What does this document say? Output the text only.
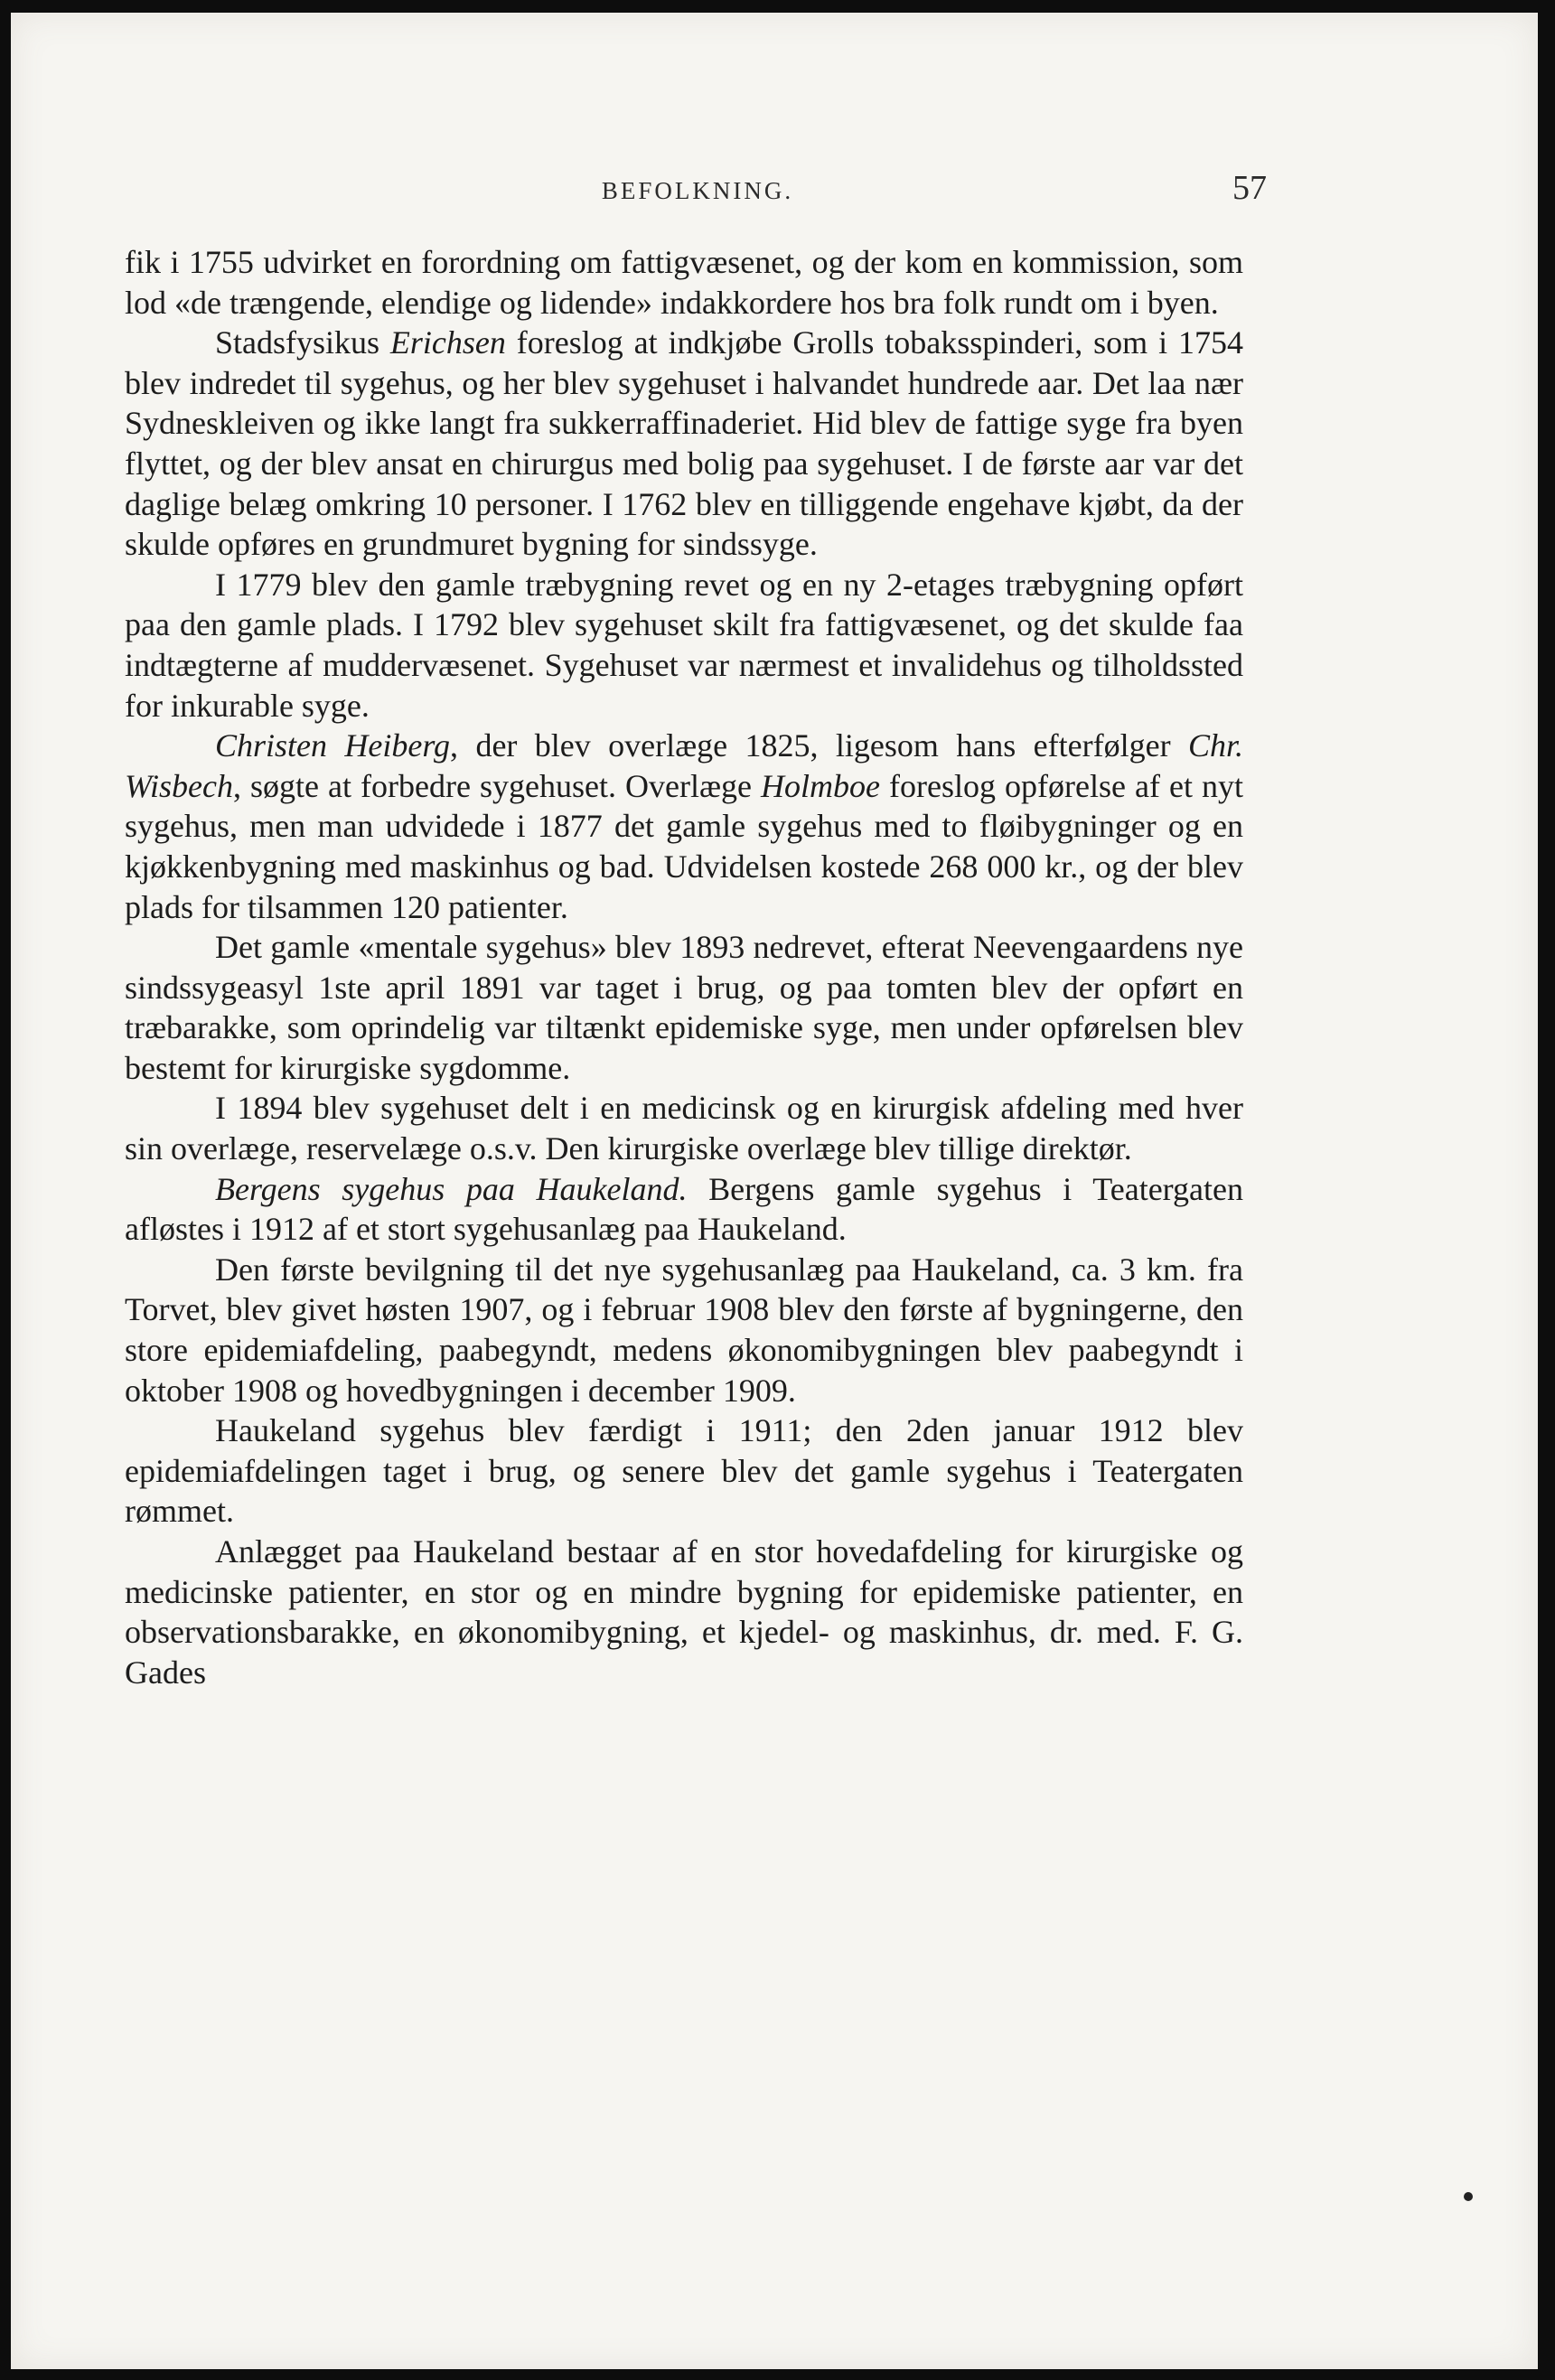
BEFOLKNING.	57

fik i 1755 udvirket en forordning om fattigvæsenet, og der kom en kommission, som lod «de trængende, elendige og lidende» indakkordere hos bra folk rundt om i byen.

Stadsfysikus Erichsen foreslog at indkjøbe Grolls tobaksspinderi, som i 1754 blev indredet til sygehus, og her blev sygehuset i halvandet hundrede aar. Det laa nær Sydneskleiven og ikke langt fra sukkerraffinaderiet. Hid blev de fattige syge fra byen flyttet, og der blev ansat en chirurgus med bolig paa sygehuset. I de første aar var det daglige belæg omkring 10 personer. I 1762 blev en tilliggende engehave kjøbt, da der skulde opføres en grundmuret bygning for sindssyge.

I 1779 blev den gamle træbygning revet og en ny 2-etages træbygning opført paa den gamle plads. I 1792 blev sygehuset skilt fra fattigvæsenet, og det skulde faa indtægterne af muddervæsenet. Sygehuset var nærmest et invalidehus og tilholdssted for inkurable syge.

Christen Heiberg, der blev overlæge 1825, ligesom hans efterfølger Chr. Wisbech, søgte at forbedre sygehuset. Overlæge Holmboe foreslog opførelse af et nyt sygehus, men man udvidede i 1877 det gamle sygehus med to fløibygninger og en kjøkkenbygning med maskinhus og bad. Udvidelsen kostede 268 000 kr., og der blev plads for tilsammen 120 patienter.

Det gamle «mentale sygehus» blev 1893 nedrevet, efterat Neevengaardens nye sindssygeasyl 1ste april 1891 var taget i brug, og paa tomten blev der opført en træbarakke, som oprindelig var tiltænkt epidemiske syge, men under opførelsen blev bestemt for kirurgiske sygdomme.

I 1894 blev sygehuset delt i en medicinsk og en kirurgisk afdeling med hver sin overlæge, reservelæge o.s.v. Den kirurgiske overlæge blev tillige direktør.

Bergens sygehus paa Haukeland. Bergens gamle sygehus i Teatergaten afløstes i 1912 af et stort sygehusanlæg paa Haukeland.

Den første bevilgning til det nye sygehusanlæg paa Haukeland, ca. 3 km. fra Torvet, blev givet høsten 1907, og i februar 1908 blev den første af bygningerne, den store epidemiafdeling, paabegyndt, medens økonomibygningen blev paabegyndt i oktober 1908 og hovedbygningen i december 1909.

Haukeland sygehus blev færdigt i 1911; den 2den januar 1912 blev epidemiafdelingen taget i brug, og senere blev det gamle sygehus i Teatergaten rømmet.

Anlægget paa Haukeland bestaar af en stor hovedafdeling for kirurgiske og medicinske patienter, en stor og en mindre bygning for epidemiske patienter, en observationsbarakke, en økonomibygning, et kjedel- og maskinhus, dr. med. F. G. Gades
